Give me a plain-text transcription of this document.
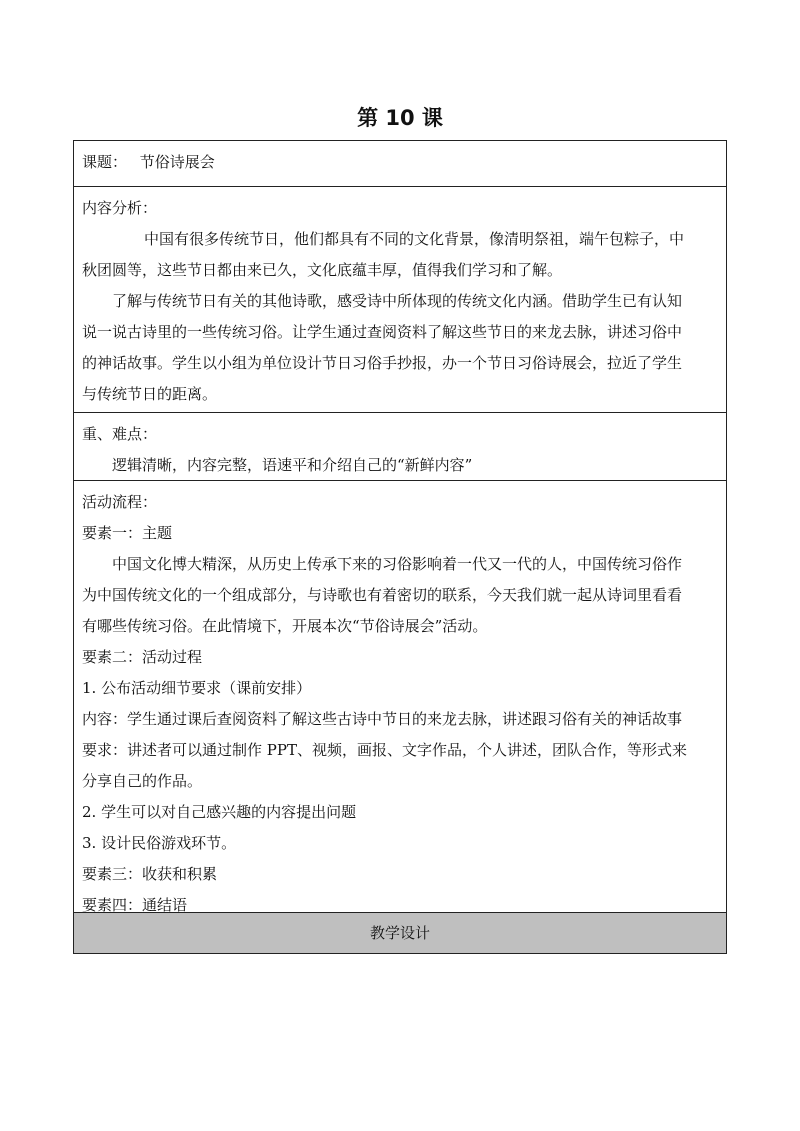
第 10 课

课题： 节俗诗展会

内容分析：

中国有很多传统节日，他们都具有不同的文化背景，像清明祭祖，端午包粽子，中

秋团圆等，这些节日都由来已久，文化底蕴丰厚，值得我们学习和了解。

了解与传统节日有关的其他诗歌，感受诗中所体现的传统文化内涵。借助学生已有认知

说一说古诗里的一些传统习俗。让学生通过查阅资料了解这些节日的来龙去脉，讲述习俗中

的神话故事。学生以小组为单位设计节日习俗手抄报，办一个节日习俗诗展会，拉近了学生

与传统节日的距离。

重、难点：

逻辑清晰，内容完整，语速平和介绍自己的“新鲜内容”

活动流程：

要素一：主题

中国文化博大精深，从历史上传承下来的习俗影响着一代又一代的人，中国传统习俗作

为中国传统文化的一个组成部分，与诗歌也有着密切的联系，今天我们就一起从诗词里看看

有哪些传统习俗。在此情境下，开展本次“节俗诗展会”活动。

要素二：活动过程

1. 公布活动细节要求（课前安排）

内容：学生通过课后查阅资料了解这些古诗中节日的来龙去脉，讲述跟习俗有关的神话故事

要求：讲述者可以通过制作 PPT、视频，画报、文字作品，个人讲述，团队合作，等形式来

分享自己的作品。

2. 学生可以对自己感兴趣的内容提出问题

3. 设计民俗游戏环节。

要素三：收获和积累

要素四：通结语

教学设计
